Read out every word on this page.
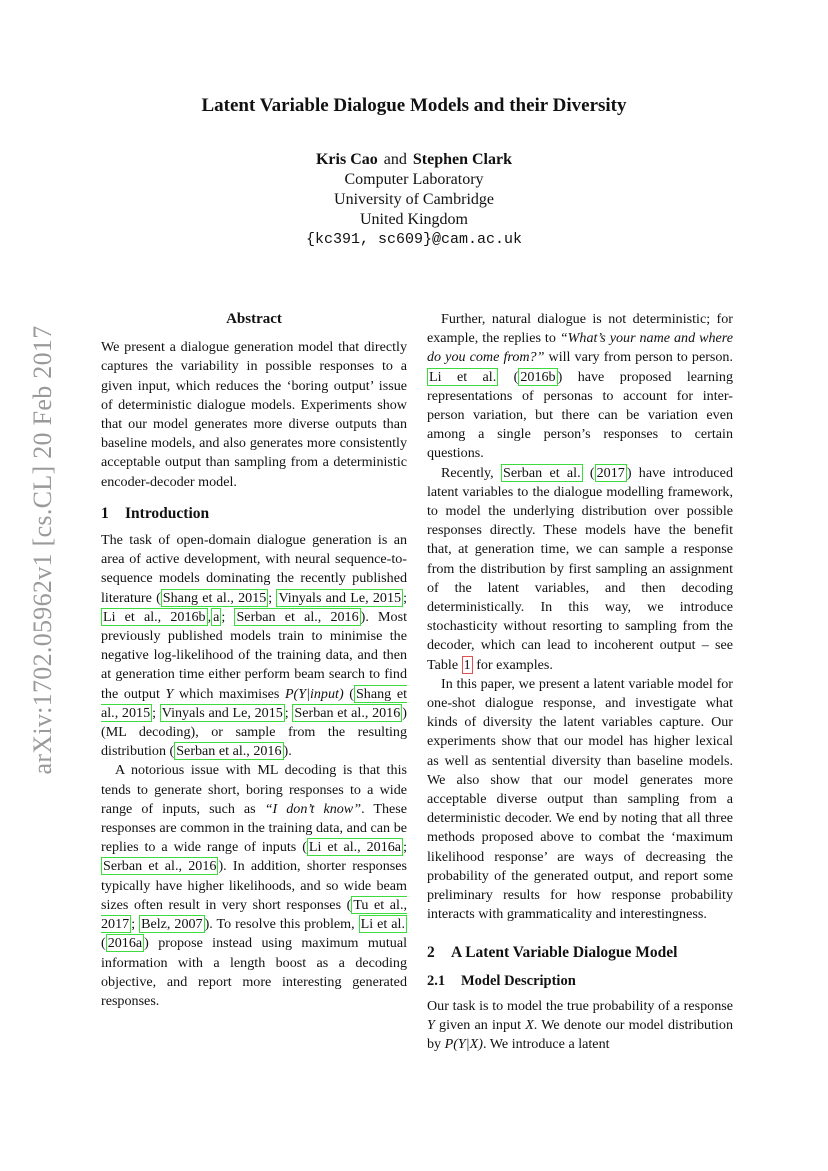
arXiv:1702.05962v1 [cs.CL] 20 Feb 2017
Latent Variable Dialogue Models and their Diversity
Kris Cao and Stephen Clark
Computer Laboratory
University of Cambridge
United Kingdom
{kc391, sc609}@cam.ac.uk
Abstract

We present a dialogue generation model that directly captures the variability in possible responses to a given input, which reduces the ‘boring output’ issue of deterministic dialogue models. Experiments show that our model generates more diverse outputs than baseline models, and also generates more consistently acceptable output than sampling from a deterministic encoder-decoder model.

1 Introduction

The task of open-domain dialogue generation is an area of active development, with neural sequence-to-sequence models dominating the recently published literature ( Shang et al., 2015 ; Vinyals and Le, 2015 ; Li et al., 2016b , a ; Serban et al., 2016 ). Most previously published models train to minimise the negative log-likelihood of the training data, and then at generation time either perform beam search to find the output Y which maximises P(Y|input) ( Shang et al., 2015 ; Vinyals and Le, 2015 ; Serban et al., 2016 ) (ML decoding), or sample from the resulting distribution ( Serban et al., 2016 ).

A notorious issue with ML decoding is that this tends to generate short, boring responses to a wide range of inputs, such as “I don’t know”. These responses are common in the training data, and can be replies to a wide range of inputs ( Li et al., 2016a ; Serban et al., 2016 ). In addition, shorter responses typically have higher likelihoods, and so wide beam sizes often result in very short responses ( Tu et al., 2017 ; Belz, 2007 ). To resolve this problem, Li et al. ( 2016a ) propose instead using maximum mutual information with a length boost as a decoding objective, and report more interesting generated responses.

Further, natural dialogue is not deterministic; for example, the replies to “What’s your name and where do you come from?” will vary from person to person. Li et al. ( 2016b ) have proposed learning representations of personas to account for inter-person variation, but there can be variation even among a single person’s responses to certain questions.

Recently, Serban et al. ( 2017 ) have introduced latent variables to the dialogue modelling framework, to model the underlying distribution over possible responses directly. These models have the benefit that, at generation time, we can sample a response from the distribution by first sampling an assignment of the latent variables, and then decoding deterministically. In this way, we introduce stochasticity without resorting to sampling from the decoder, which can lead to incoherent output – see Table 1 for examples.

In this paper, we present a latent variable model for one-shot dialogue response, and investigate what kinds of diversity the latent variables capture. Our experiments show that our model has higher lexical as well as sentential diversity than baseline models. We also show that our model generates more acceptable diverse output than sampling from a deterministic decoder. We end by noting that all three methods proposed above to combat the ‘maximum likelihood response’ are ways of decreasing the probability of the generated output, and report some preliminary results for how response probability interacts with grammaticality and interestingness.

2 A Latent Variable Dialogue Model
2.1 Model Description

Our task is to model the true probability of a response Y given an input X. We denote our model distribution by P(Y|X). We introduce a latent
